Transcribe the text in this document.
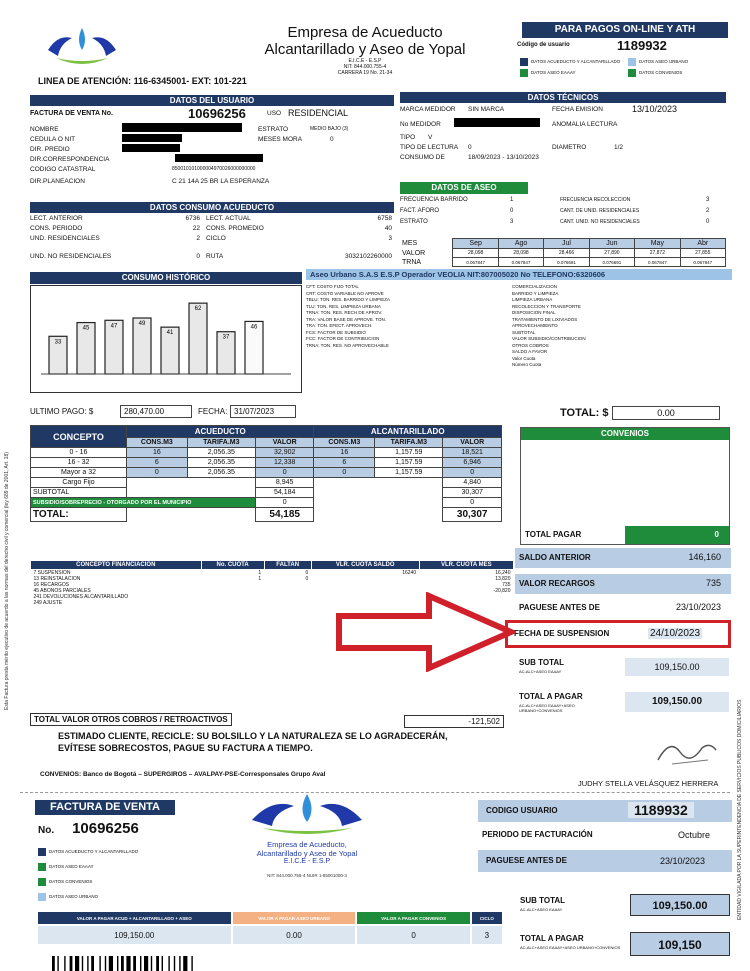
Esta Factura presta mérito ejecutivo de acuerdo a las normas del derecho civil y comercial (ley 689 de 2001, Art. 18)
ENTIDAD VIGILADA POR LA SUPERINTENDENCIA DE SERVICIOS PÚBLICOS DOMICILIARIOS
Empresa de Acueducto
Alcantarillado y Aseo de Yopal
E.I.C.E - E.S.P
NIT: 844.000.755-4
CARRERA 19 No. 21-34
LINEA DE ATENCIÓN: 116-6345001- EXT: 101-221
PARA PAGOS ON-LINE Y ATH
Código de usuario	1189932
DATOS ACUEDUCTO Y ALCANTARILLADO	DATOS ASEO URBANO
DATOS ASEO EAAAY	DATOS CONVENIOS
DATOS DEL USUARIO
FACTURA DE VENTA No.	10696256	USO RESIDENCIAL
NOMBRE
CEDULA O NIT
DIR. PREDIO
DIR.CORRESPONDENCIA
CODIGO CATASTRAL	850010101000004970026000000000
DIR.PLANEACION	C 21 14A 25 BR LA ESPERANZA
ESTRATO	MEDIO BAJO (3)
MESES MORA	0
DATOS TÉCNICOS
MARCA MEDIDOR SIN MARCA	FECHA EMISION	13/10/2023
No MEDIDOR	ANOMALIA LECTURA
TIPO V
TIPO DE LECTURA 0	DIAMETRO	1/2
CONSUMO DE	18/09/2023 - 13/10/2023
DATOS DE ASEO
FRECUENCIA BARRIDO	1	FRECUENCIA RECOLECCION	3
FACT. AFORO	0	CANT. DE UNID. RESIDENCIALES	2
ESTRATO	3	CANT. UNID. NO RESIDENCIALES	0
MES	Sep	Ago	Jul	Jun	May	Abr
VALOR	28,098	28,098	28,466	27,890	27,872	27,855
TRNA	0.067847	0.067847	0.076691	0.076691	0.067847	0.067847
DATOS CONSUMO ACUEDUCTO
LECT. ANTERIOR	6736 LECT. ACTUAL	6758
CONS. PERIODO	22 CONS. PROMEDIO	40
UND. RESIDENCIALES	2 CICLO	3
UND. NO RESIDENCIALES	0 RUTA	3032102260000
Aseo Urbano S.A.S E.S.P Operador VEOLIA NIT:807005020 No TELEFONO:6320606
CONSUMO HISTÓRICO
33
45	47	49
41
62
37
46
ULTIMO PAGO: $	280,470.00	FECHA: 31/07/2023
CFT: COSTO FIJO TOTAL
CRT: COSTO VARIABLE NO APROVE
TBLU: TON. RES. BARRIDO Y LIMPIEZA
TLU: TON. RES. LIMPIEZA URBANA
TRNA: TON. RES. RECH DE APROV.
TRA: VALOR BASE DE APROVE. TON.
TRA: TON. EFECT. APROVECH.
FCS: FACTOR DE SUBSIDIO
FCC: FACTOR DE CONTRIBUCION
TRNA: TON. RES. NO APROVECHABLE
COMERCIALIZACION
BARRIDO Y LIMPIEZA
LIMPIEZA URBANA
RECOLECCION Y TRANSPORTE
DISPOSICION FINAL
TRATAMIENTO DE LIXIVIADOS
APROVECHAMIENTO
SUBTOTAL
VALOR SUBSIDIO/CONTRIBUCION
OTROS COBROS
SALDO A FAVOR
Valor Cuota
Número Cuota
TOTAL: $	0.00
CONCEPTO	ACUEDUCTO			ALCANTARILLADO		
	CONS.M3	TARIFA.M3	VALOR	CONS.M3	TARIFA.M3	VALOR
0 - 16	16	2,056.35	32,902	16	1,157.59	18,521
16 - 32	6	2,056.35	12,338	6	1,157.59	6,946
Mayor a 32	0	2,056.35	0	0	1,157.59	0
Cargo Fijo			8,945			4,840
SUBTOTAL			54,184			30,307
SUBSIDIO/SOBREPRECIO - OTORGADO POR EL MUNICIPIO			0			0
TOTAL:			54,185			30,307
CONVENIOS
TOTAL PAGAR	0
CONCEPTO FINANCIACIÓN	No. CUOTA	FALTAN	VLR. CUOTA SALDO	VLR. CUOTA MES
7 SUSPENSION	1	0	16240	16,240
13 REINSTALACION	1	0		13,820
16 RECARGOS				735
45 ABONOS PARCIALES				-20,820
241 DEVOLUCIONES ALCANTARILLADO				
249 AJUSTE				
SALDO ANTERIOR	146,160
VALOR RECARGOS	735
PAGUESE ANTES DE	23/10/2023
FECHA DE SUSPENSION	24/10/2023
SUB TOTAL
AC-ALC+ASEO EAAAY	109,150.00
TOTAL A PAGAR
AC-ALC+ASEO EAAAY+ASEO URBANO+CONVENIOS
109,150.00
TOTAL VALOR OTROS COBROS / RETROACTIVOS	-121,502
ESTIMADO CLIENTE, RECICLE: SU BOLSILLO Y LA NATURALEZA SE LO AGRADECERÁN,
EVÍTESE SOBRECOSTOS, PAGUE SU FACTURA A TIEMPO.
CONVENIOS: Banco de Bogotá – SUPERGIROS – AVALPAY-PSE-Corresponsales Grupo Aval
JUDHY STELLA VELÁSQUEZ HERRERA
FACTURA DE VENTA
No. 10696256
DATOS ACUEDUCTO Y ALCANTARILLADO
DATOS ASEO EAAAY
DATOS CONVENIOS
DATOS ASEO URBANO
Empresa de Acueducto,
Alcantarillado y Aseo de Yopal
E.I.C.E - E.S.P
NIT: 844.000.755-4 NUIR 1-85001000-3
CODIGO USUARIO	1189932
PERIODO DE FACTURACIÓN	Octubre
PAGUESE ANTES DE	23/10/2023
VALOR A PAGAR ACUD + ALCANTARILLADO + ASEO	VALOR A PAGAR ASEO URBANO	VALOR A PAGAR CONVENIOS	CICLO
109,150.00	0.00	0	3
SUB TOTAL
AC-ALC+ASEO EAAAY	109,150.00
TOTAL A PAGAR
AC-ALC+ASEO EAAAY+ASEO URBANO+CONVENIOS	109,150
